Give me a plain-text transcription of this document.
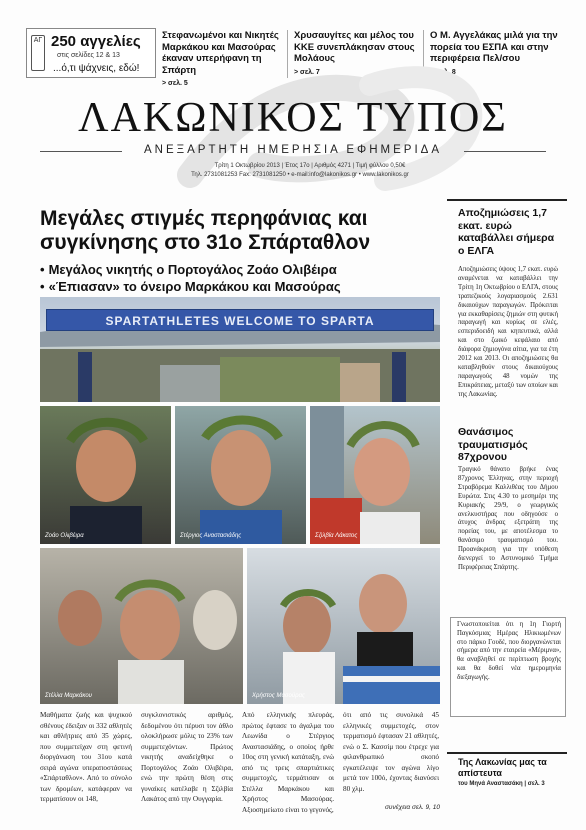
ΑΓ 250 αγγελίες
στις σελίδες 12 & 13
...ό,τι ψάχνεις, εδώ!
Στεφανωμένοι και Νικητές Μαρκάκου και Μασούρας έκαναν υπερήφανη τη Σπάρτη
> σελ. 5
Χρυσαυγίτες και μέλος του ΚΚΕ συνεπλάκησαν στους Μολάους
> σελ. 7
Ο Μ. Αγγελάκας μιλά για την πορεία του ΕΣΠΑ και στην περιφέρεια Πελ/σου
> σελ. 8
ΛΑΚΩΝΙΚΟΣ ΤΥΠΟΣ
ΑΝΕΞΑΡΤΗΤΗ ΗΜΕΡΗΣΙΑ ΕΦΗΜΕΡΙΔΑ
Τρίτη 1 Οκτωβρίου 2013 | Έτος 17ο | Αριθμός 4271 | Τιμή φύλλου 0,50€
Τηλ. 2731081253 Fax: 2731081250 • e-mail:info@lakonikos.gr • www.lakonikos.gr
Μεγάλες στιγμές περηφάνιας και συγκίνησης στο 31ο Σπάρταθλον
• Μεγάλος νικητής ο Πορτογάλος Ζοάο Ολιβέιρα
• «Έπιασαν» το όνειρο Μαρκάκου και Μασούρας
SPARTATHLETES WELCOME TO SPARTA
Ζοάο Ολιβέιρα	Στέργιος Αναστασιάδης	Σζιλβία Λάκατος
Στέλλα Μαρκάκου	Χρήστος Μασούρας
Μαθήματα ζωής και ψυχικού σθένους έδειξαν οι 332 αθλητές και αθλήτριες από 35 χώρες, που συμμετείχαν στη φετινή διοργάνωση του 31ου κατά σειρά αγώνα υπεραποστάσεως «Σπάρταθλον». Από το σύνολο των δρομέων, κατάφεραν να τερματίσουν οι 148,
συγκλονιστικός αριθμός, δεδομένου ότι πέρυσι τον άθλο ολοκλήρωσε μόλις το 23% των συμμετεχόντων. Πρώτος νικητής αναδείχθηκε ο Πορτογάλος Ζοάο Ολιβέιρα, ενώ την πρώτη θέση στις γυναίκες κατέλαβε η Σζιλβία Λακάτος από την Ουγγαρία.
Από ελληνικής πλευράς, πρώτος έφτασε το άγαλμα του Λεωνίδα ο Στέργιος Αναστασιάδης, ο οποίος ήρθε 10ος στη γενική κατάταξη, ενώ από τις τρεις σπαρτιάτικες συμμετοχές, τερμάτισαν οι Στέλλα Μαρκάκου και Χρήστος Μασούρας. Αξιοσημείωτο είναι το γεγονός,
ότι από τις συνολικά 45 ελληνικές συμμετοχές, στον τερματισμό έφτασαν 21 αθλητές, ενώ ο Σ. Κασσίμ που έτρεχε για φιλανθρωπικό σκοπό εγκατέλειψε τον αγώνα λίγο μετά τον 100ό, έχοντας διανύσει 80 χλμ.
συνέχεια σελ. 9, 10
Αποζημιώσεις 1,7 εκατ. ευρώ καταβάλλει σήμερα ο ΕΛΓΑ
Αποζημιώσεις ύψους 1,7 εκατ. ευρώ αναμένεται να καταβάλλει την Τρίτη 1η Οκτωβρίου ο ΕΛΓΑ, στους τραπεζικούς λογαριασμούς 2.631 δικαιούχων παραγωγών. Πρόκειται για εκκαθαρίσεις ζημιών στη φυτική παραγωγή και κυρίως σε ελιές, εσπεριδοειδή και κηπευτικά, αλλά και στο ζωικό κεφάλαιο από διάφορα ζημιογόνα αίτια, για τα έτη 2012 και 2013. Οι αποζημιώσεις θα καταβληθούν στους δικαιούχους παραγωγούς 48 νομών της Επικράτειας, μεταξύ των οποίων και της Λακωνίας.
Θανάσιμος τραυματισμός 87χρονου
Τραγικό θάνατο βρήκε ένας 87χρονος Έλληνας, στην περιοχή Στραβόρεμα Καλλιθέας του Δήμου Ευρώτα. Στις 4.30 το μεσημέρι της Κυριακής 29/9, ο γεωργικός ανελκυστήρας που οδηγούσε ο άτυχος άνδρας εξετράπη της πορείας του, με αποτέλεσμα το θανάσιμο τραυματισμό του. Προανάκριση για την υπόθεση διενεργεί το Αστυνομικό Τμήμα Περιφέρειας Σπάρτης.
Γνωστοποιείται ότι η 1η Γιορτή Παγκόσμιας Ημέρας Ηλικιωμένων στο πάρκο Γουδέ, που διοργανώνεται σήμερα από την εταιρεία «Μέριμνα», θα αναβληθεί σε περίπτωση βροχής και θα δοθεί νέα ημερομηνία διεξαγωγής.
Της Λακωνίας μας τα απίστευτα
του Μηνά Αναστασάκη | σελ. 3
